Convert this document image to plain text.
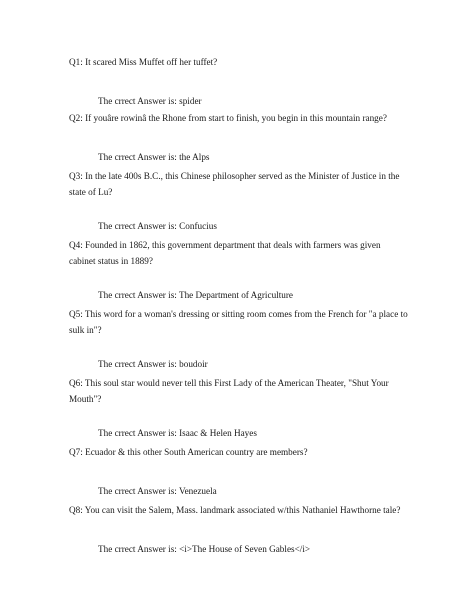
Q1: It scared Miss Muffet off her tuffet?

The crrect Answer is: spider

Q2: If youâre rowinâ the Rhone from start to finish, you begin in this mountain range?

The crrect Answer is: the Alps

Q3: In the late 400s B.C., this Chinese philosopher served as the Minister of Justice in the state of Lu?

The crrect Answer is: Confucius

Q4: Founded in 1862, this government department that deals with farmers was given cabinet status in 1889?

The crrect Answer is: The Department of Agriculture

Q5: This word for a woman's dressing or sitting room comes from the French for "a place to sulk in"?

The crrect Answer is: boudoir

Q6: This soul star would never tell this First Lady of the American Theater, "Shut Your Mouth"?

The crrect Answer is: Isaac & Helen Hayes

Q7: Ecuador & this other South American country are members?

The crrect Answer is: Venezuela

Q8: You can visit the Salem, Mass. landmark associated w/this Nathaniel Hawthorne tale?

The crrect Answer is: <i>The House of Seven Gables</i>
